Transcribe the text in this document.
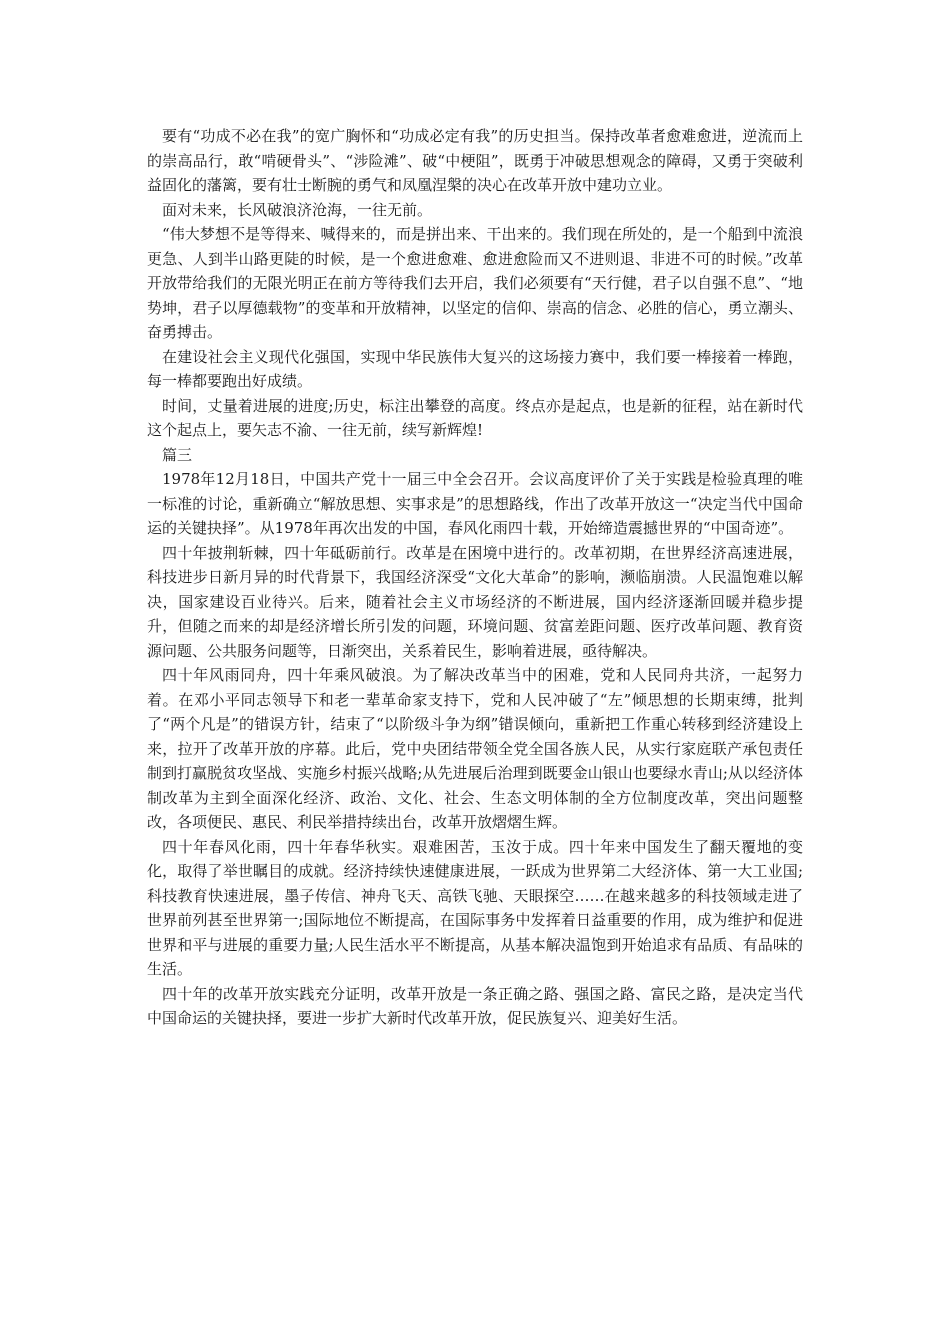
要有“功成不必在我”的宽广胸怀和“功成必定有我”的历史担当。保持改革者愈难愈进，逆流而上的崇高品行，敢“啃硬骨头”、“涉险滩”、破“中梗阻”，既勇于冲破思想观念的障碍，又勇于突破利益固化的藩篱，要有壮士断腕的勇气和凤凰涅槃的决心在改革开放中建功立业。

面对未来，长风破浪济沧海，一往无前。

“伟大梦想不是等得来、喊得来的，而是拼出来、干出来的。我们现在所处的，是一个船到中流浪更急、人到半山路更陡的时候，是一个愈进愈难、愈进愈险而又不进则退、非进不可的时候。”改革开放带给我们的无限光明正在前方等待我们去开启，我们必须要有“天行健，君子以自强不息”、“地势坤，君子以厚德载物”的变革和开放精神，以坚定的信仰、崇高的信念、必胜的信心，勇立潮头、奋勇搏击。

在建设社会主义现代化强国，实现中华民族伟大复兴的这场接力赛中，我们要一棒接着一棒跑，每一棒都要跑出好成绩。

时间，丈量着进展的进度;历史，标注出攀登的高度。终点亦是起点，也是新的征程，站在新时代这个起点上，要矢志不渝、一往无前，续写新辉煌!

篇三

1978年12月18日，中国共产党十一届三中全会召开。会议高度评价了关于实践是检验真理的唯一标准的讨论，重新确立“解放思想、实事求是”的思想路线，作出了改革开放这一“决定当代中国命运的关键抉择”。从1978年再次出发的中国，春风化雨四十载，开始缔造震撼世界的“中国奇迹”。

四十年披荆斩棘，四十年砥砺前行。改革是在困境中进行的。改革初期，在世界经济高速进展，科技进步日新月异的时代背景下，我国经济深受“文化大革命”的影响，濒临崩溃。人民温饱难以解决，国家建设百业待兴。后来，随着社会主义市场经济的不断进展，国内经济逐渐回暖并稳步提升，但随之而来的却是经济增长所引发的问题，环境问题、贫富差距问题、医疗改革问题、教育资源问题、公共服务问题等，日渐突出，关系着民生，影响着进展，亟待解决。

四十年风雨同舟，四十年乘风破浪。为了解决改革当中的困难，党和人民同舟共济，一起努力着。在邓小平同志领导下和老一辈革命家支持下，党和人民冲破了“左”倾思想的长期束缚，批判了“两个凡是”的错误方针，结束了“以阶级斗争为纲”错误倾向，重新把工作重心转移到经济建设上来，拉开了改革开放的序幕。此后，党中央团结带领全党全国各族人民，从实行家庭联产承包责任制到打赢脱贫攻坚战、实施乡村振兴战略;从先进展后治理到既要金山银山也要绿水青山;从以经济体制改革为主到全面深化经济、政治、文化、社会、生态文明体制的全方位制度改革，突出问题整改，各项便民、惠民、利民举措持续出台，改革开放熠熠生辉。

四十年春风化雨，四十年春华秋实。艰难困苦，玉汝于成。四十年来中国发生了翻天覆地的变化，取得了举世瞩目的成就。经济持续快速健康进展，一跃成为世界第二大经济体、第一大工业国;科技教育快速进展，墨子传信、神舟飞天、高铁飞驰、天眼探空……在越来越多的科技领域走进了世界前列甚至世界第一;国际地位不断提高，在国际事务中发挥着日益重要的作用，成为维护和促进世界和平与进展的重要力量;人民生活水平不断提高，从基本解决温饱到开始追求有品质、有品味的生活。

四十年的改革开放实践充分证明，改革开放是一条正确之路、强国之路、富民之路，是决定当代中国命运的关键抉择，要进一步扩大新时代改革开放，促民族复兴、迎美好生活。
